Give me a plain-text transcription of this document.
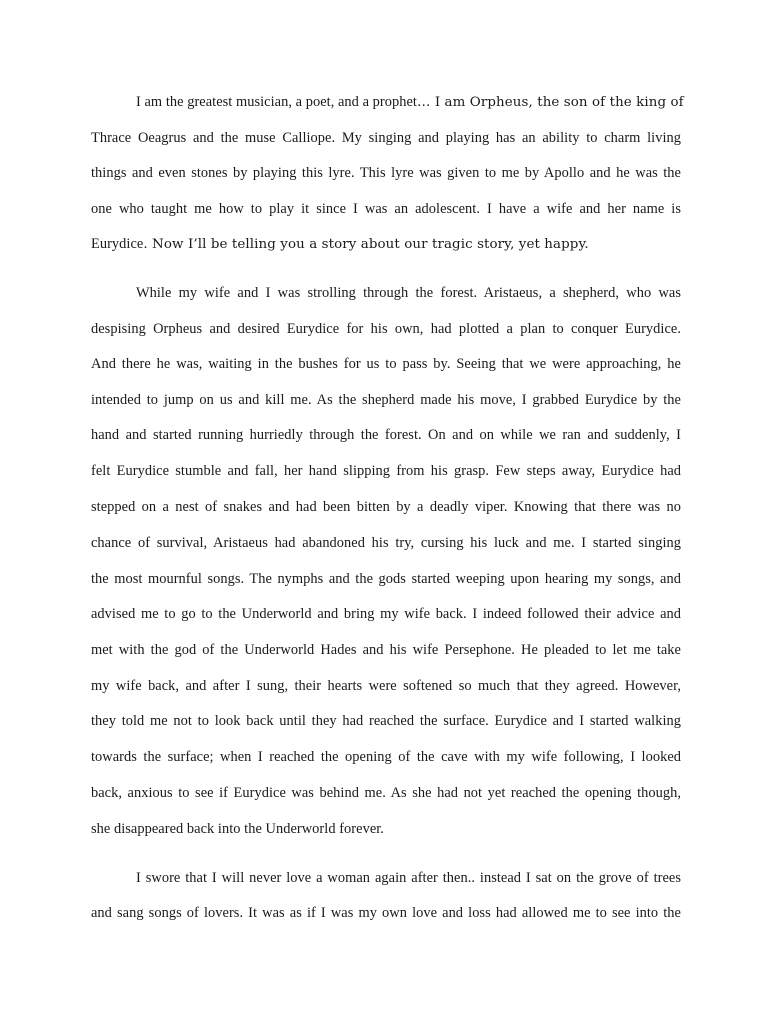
I am the greatest musician, a poet, and a prophet… I am Orpheus, the son of the king of

Thrace Oeagrus and the muse Calliope. My singing and playing has an ability to charm living

things and even stones by playing this lyre. This lyre was given to me by Apollo and he was the

one who taught me how to play it since I was an adolescent. I have a wife and her name is

Eurydice. Now I’ll be telling you a story about our tragic story, yet happy.

While my wife and I was strolling through the forest. Aristaeus, a shepherd, who was

despising Orpheus and desired Eurydice for his own, had plotted a plan to conquer Eurydice.

And there he was, waiting in the bushes for us to pass by. Seeing that we were approaching, he

intended to jump on us and kill me. As the shepherd made his move, I grabbed Eurydice by the

hand and started running hurriedly through the forest. On and on while we ran and suddenly, I

felt Eurydice stumble and fall, her hand slipping from his grasp. Few steps away, Eurydice had

stepped on a nest of snakes and had been bitten by a deadly viper. Knowing that there was no

chance of survival, Aristaeus had abandoned his try, cursing his luck and me. I started singing

the most mournful songs. The nymphs and the gods started weeping upon hearing my songs, and

advised me to go to the Underworld and bring my wife back. I indeed followed their advice and

met with the god of the Underworld Hades and his wife Persephone. He pleaded to let me take

my wife back, and after I sung, their hearts were softened so much that they agreed. However,

they told me not to look back until they had reached the surface. Eurydice and I started walking

towards the surface; when I reached the opening of the cave with my wife following, I looked

back, anxious to see if Eurydice was behind me. As she had not yet reached the opening though,

she disappeared back into the Underworld forever.

I swore that I will never love a woman again after then.. instead I sat on the grove of trees

and sang songs of lovers. It was as if I was my own love and loss had allowed me to see into the
